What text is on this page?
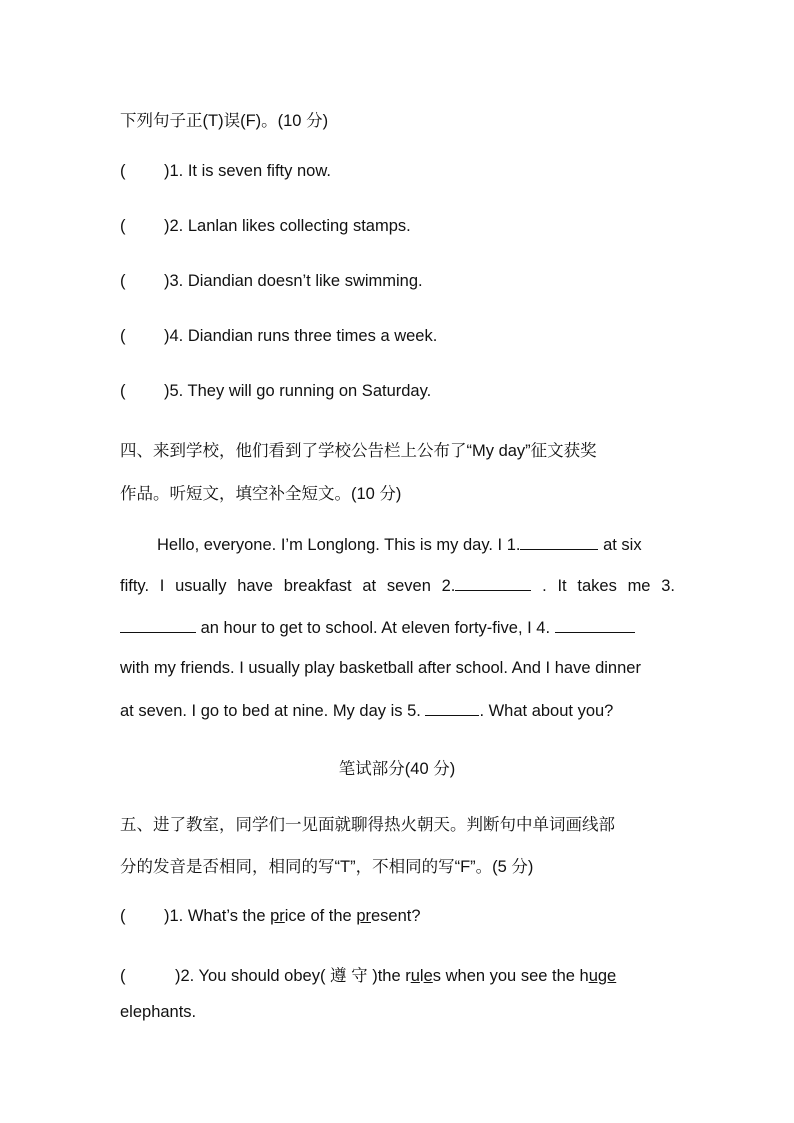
下列句子正(T)误(F)。(10 分)
( )1. It is seven fifty now.
( )2. Lanlan likes collecting stamps.
( )3. Diandian doesn’t like swimming.
( )4. Diandian runs three times a week.
( )5. They will go running on Saturday.
四、来到学校，他们看到了学校公告栏上公布了“My day”征文获奖
作品。听短文，填空补全短文。(10 分)
Hello, everyone. I’m Longlong. This is my day. I 1.	at six
fifty. I usually have breakfast at seven 2.	. It takes me 3.
an hour to get to school. At eleven forty-five, I 4.
with my friends. I usually play basketball after school. And I have dinner
at seven. I go to bed at nine. My day is 5.	. What about you?
笔试部分(40 分)
五、进了教室，同学们一见面就聊得热火朝天。判断句中单词画线部
分的发音是否相同，相同的写“T”，不相同的写“F”。(5 分)
( )1. What’s the price of the present?
(	)2. You should obey( 遵 守 )the rules when you see the huge
elephants.
